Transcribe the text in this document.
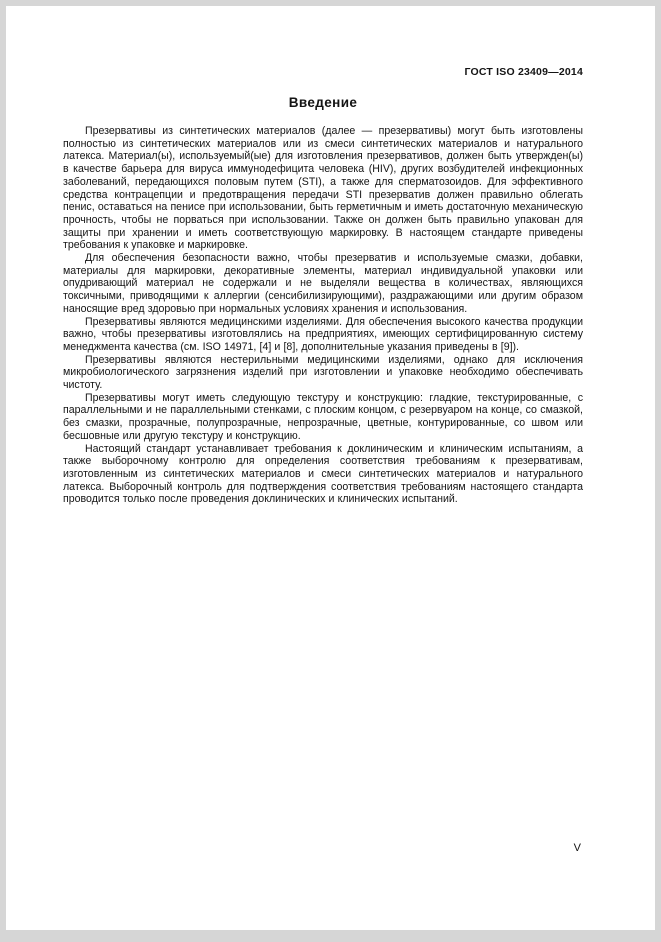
ГОСТ ISO 23409—2014
Введение

Презервативы из синтетических материалов (далее — презервативы) могут быть изготовлены полностью из синтетических материалов или из смеси синтетических материалов и натурального латекса. Материал(ы), используемый(ые) для изготовления презервативов, должен быть утвержден(ы) в качестве барьера для вируса иммунодефицита человека (HIV), других возбудителей инфекционных заболеваний, передающихся половым путем (STI), а также для сперматозоидов. Для эффективного средства контрацепции и предотвращения передачи STI презерватив должен правильно облегать пенис, оставаться на пенисе при использовании, быть герметичным и иметь достаточную механическую прочность, чтобы не порваться при использовании. Также он должен быть правильно упакован для защиты при хранении и иметь соответствующую маркировку. В настоящем стандарте приведены требования к упаковке и маркировке.

Для обеспечения безопасности важно, чтобы презерватив и используемые смазки, добавки, материалы для маркировки, декоративные элементы, материал индивидуальной упаковки или опудривающий материал не содержали и не выделяли вещества в количествах, являющихся токсичными, приводящими к аллергии (сенсибилизирующими), раздражающими или другим образом наносящие вред здоровью при нормальных условиях хранения и использования.

Презервативы являются медицинскими изделиями. Для обеспечения высокого качества продукции важно, чтобы презервативы изготовлялись на предприятиях, имеющих сертифицированную систему менеджмента качества (см. ISO 14971, [4] и [8], дополнительные указания приведены в [9]).

Презервативы являются нестерильными медицинскими изделиями, однако для исключения микробиологического загрязнения изделий при изготовлении и упаковке необходимо обеспечивать чистоту.

Презервативы могут иметь следующую текстуру и конструкцию: гладкие, текстурированные, с параллельными и не параллельными стенками, с плоским концом, с резервуаром на конце, со смазкой, без смазки, прозрачные, полупрозрачные, непрозрачные, цветные, контурированные, со швом или бесшовные или другую текстуру и конструкцию.

Настоящий стандарт устанавливает требования к доклиническим и клиническим испытаниям, а также выборочному контролю для определения соответствия требованиям к презервативам, изготовленным из синтетических материалов и смеси синтетических материалов и натурального латекса. Выборочный контроль для подтверждения соответствия требованиям настоящего стандарта проводится только после проведения доклинических и клинических испытаний.

V
